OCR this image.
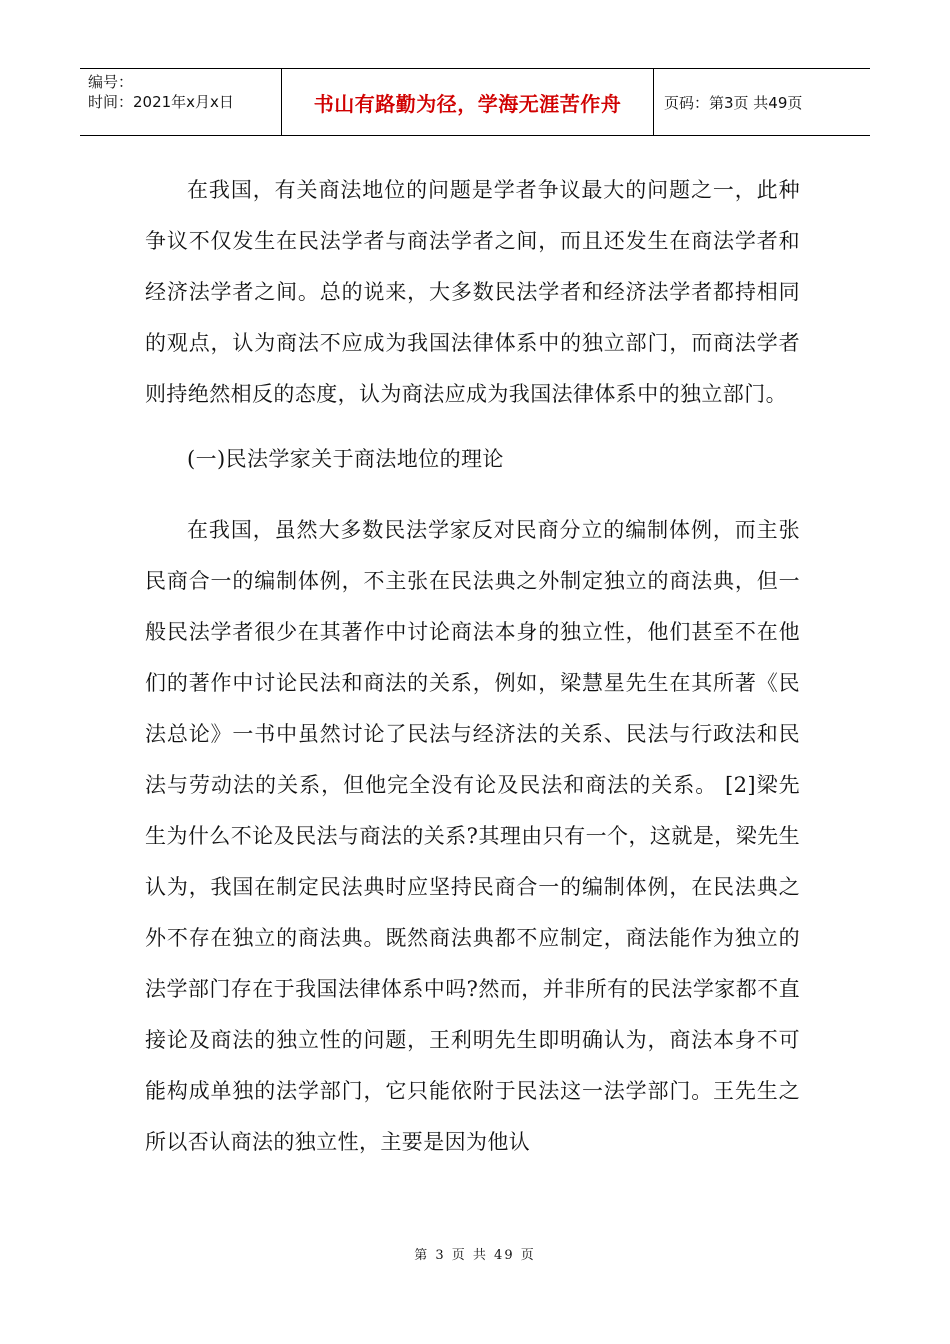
编号：
时间：2021年x月x日	书山有路勤为径，学海无涯苦作舟	页码：第3页 共49页

在我国，有关商法地位的问题是学者争议最大的问题之一，此种争议不仅发生在民法学者与商法学者之间，而且还发生在商法学者和经济法学者之间。总的说来，大多数民法学者和经济法学者都持相同的观点，认为商法不应成为我国法律体系中的独立部门，而商法学者则持绝然相反的态度，认为商法应成为我国法律体系中的独立部门。

(一)民法学家关于商法地位的理论

在我国，虽然大多数民法学家反对民商分立的编制体例，而主张民商合一的编制体例，不主张在民法典之外制定独立的商法典，但一般民法学者很少在其著作中讨论商法本身的独立性，他们甚至不在他们的著作中讨论民法和商法的关系，例如，梁慧星先生在其所著《民法总论》一书中虽然讨论了民法与经济法的关系、民法与行政法和民法与劳动法的关系，但他完全没有论及民法和商法的关系。 [2]梁先生为什么不论及民法与商法的关系?其理由只有一个，这就是，梁先生认为，我国在制定民法典时应坚持民商合一的编制体例，在民法典之外不存在独立的商法典。既然商法典都不应制定，商法能作为独立的法学部门存在于我国法律体系中吗?然而，并非所有的民法学家都不直接论及商法的独立性的问题，王利明先生即明确认为，商法本身不可能构成单独的法学部门，它只能依附于民法这一法学部门。王先生之所以否认商法的独立性，主要是因为他认

第 3 页 共 49 页
